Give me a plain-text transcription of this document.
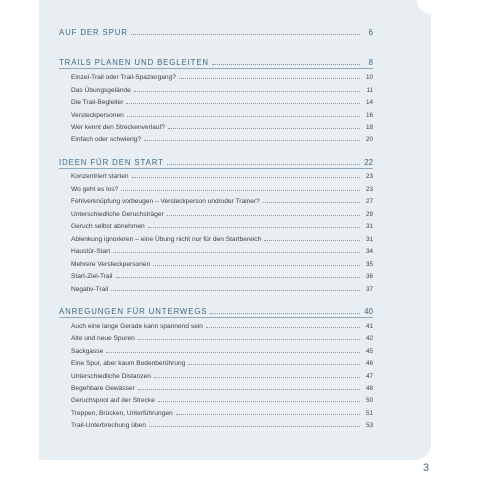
AUF DER SPUR	6
TRAILS PLANEN UND BEGLEITEN	8
Einzel-Trail oder Trail-Spaziergang?	10
Das Übungsgelände	11
Die Trail-Begleiter	14
Versteckpersonen	16
Wer kennt den Streckenverlauf?	18
Einfach oder schwierig?	20
IDEEN FÜR DEN START	22
Konzentriert starten	23
Wo geht es los?	23
Fehlverknüpfung vorbeugen – Versteckperson und/oder Trainer?	27
Unterschiedliche Geruchsträger	29
Geruch selbst abnehmen	31
Ablenkung ignorieren – eine Übung nicht nur für den Startbereich	31
Haustür-Start	34
Mehrere Versteckpersonen	35
Start-Ziel-Trail	36
Negativ-Trail	37
ANREGUNGEN FÜR UNTERWEGS	40
Auch eine lange Gerade kann spannend sein	41
Alte und neue Spuren	42
Sackgasse	45
Eine Spur, aber kaum Bodenberührung	46
Unterschiedliche Distanzen	47
Begehbare Gewässer	48
Geruchspool auf der Strecke	50
Treppen, Brücken, Unterführungen	51
Trail-Unterbrechung üben	53
3
